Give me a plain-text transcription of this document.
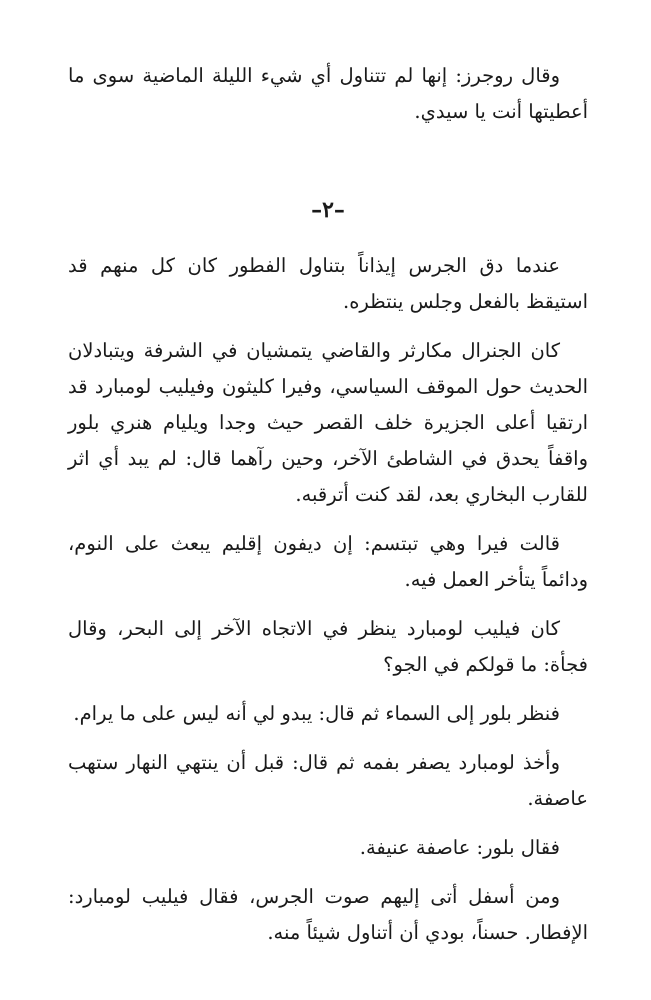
وقال روجرز: إنها لم تتناول أي شيء الليلة الماضية سوى ما أعطيتها أنت يا سيدي.

–٢–

عندما دق الجرس إيذاناً بتناول الفطور كان كل منهم قد استيقظ بالفعل وجلس ينتظره.

كان الجنرال مكارثر والقاضي يتمشيان في الشرفة ويتبادلان الحديث حول الموقف السياسي، وفيرا كليثون وفيليب لومبارد قد ارتقيا أعلى الجزيرة خلف القصر حيث وجدا ويليام هنري بلور واقفاً يحدق في الشاطئ الآخر، وحين رآهما قال: لم يبد أي اثر للقارب البخاري بعد، لقد كنت أترقبه.

قالت فيرا وهي تبتسم: إن ديفون إقليم يبعث على النوم، ودائماً يتأخر العمل فيه.

كان فيليب لومبارد ينظر في الاتجاه الآخر إلى البحر، وقال فجأة: ما قولكم في الجو؟

فنظر بلور إلى السماء ثم قال: يبدو لي أنه ليس على ما يرام.

وأخذ لومبارد يصفر بفمه ثم قال: قبل أن ينتهي النهار ستهب عاصفة.

فقال بلور: عاصفة عنيفة.

ومن أسفل أتى إليهم صوت الجرس، فقال فيليب لومبارد: الإفطار. حسناً، بودي أن أتناول شيئاً منه.
